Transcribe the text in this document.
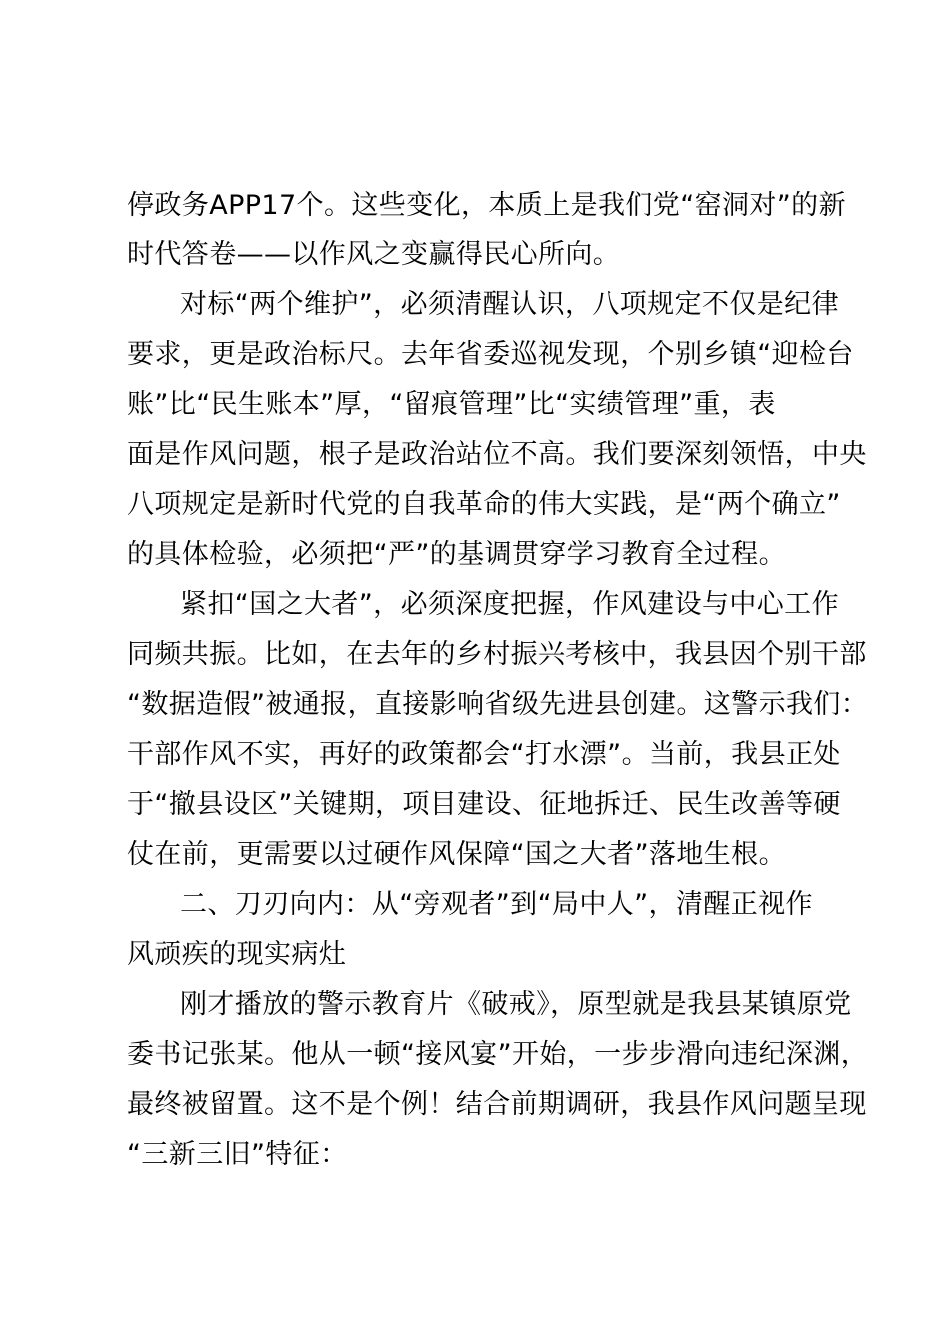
停政务APP17个。这些变化，本质上是我们党“窑洞对”的新
时代答卷——以作风之变赢得民心所向。
对标“两个维护”，必须清醒认识，八项规定不仅是纪律
要求，更是政治标尺。去年省委巡视发现，个别乡镇“迎检台
账”比“民生账本”厚，“留痕管理”比“实绩管理”重，表
面是作风问题，根子是政治站位不高。我们要深刻领悟，中央
八项规定是新时代党的自我革命的伟大实践，是“两个确立”
的具体检验，必须把“严”的基调贯穿学习教育全过程。
紧扣“国之大者”，必须深度把握，作风建设与中心工作
同频共振。比如，在去年的乡村振兴考核中，我县因个别干部
“数据造假”被通报，直接影响省级先进县创建。这警示我们：
干部作风不实，再好的政策都会“打水漂”。当前，我县正处
于“撤县设区”关键期，项目建设、征地拆迁、民生改善等硬
仗在前，更需要以过硬作风保障“国之大者”落地生根。
二、刀刃向内：从“旁观者”到“局中人”，清醒正视作
风顽疾的现实病灶
刚才播放的警示教育片《破戒》，原型就是我县某镇原党
委书记张某。他从一顿“接风宴”开始，一步步滑向违纪深渊，
最终被留置。这不是个例！结合前期调研，我县作风问题呈现
“三新三旧”特征：
